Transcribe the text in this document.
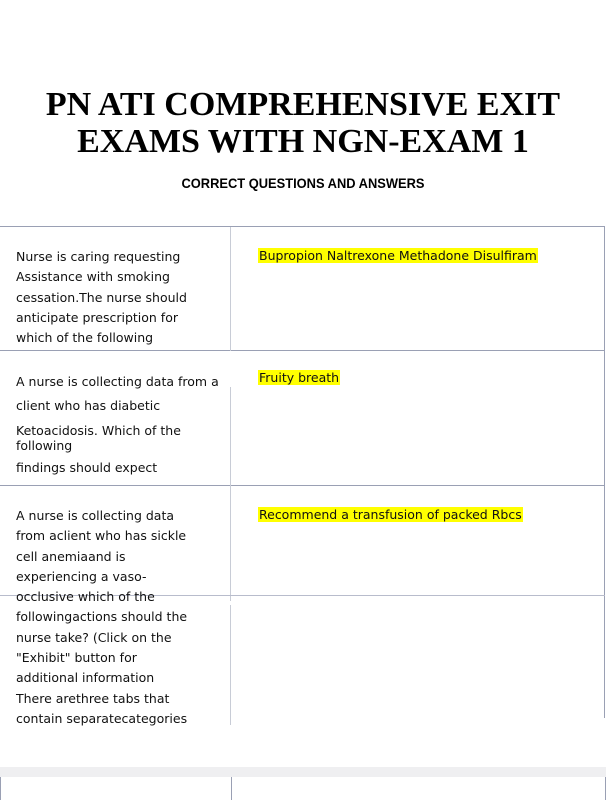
PN ATI COMPREHENSIVE EXIT
EXAMS WITH NGN-EXAM 1

CORRECT QUESTIONS AND ANSWERS

Nurse is caring requesting
Assistance with smoking
cessation.The nurse should
anticipate prescription for
which of the following

Bupropion Naltrexone Methadone Disulfiram

A nurse is collecting data from a
client who has diabetic
Ketoacidosis. Which of the following
findings should expect

Fruity breath

A nurse is collecting data
from aclient who has sickle
cell anemiaand is
experiencing a vaso-
occlusive which of the
followingactions should the
nurse take? (Click on the
"Exhibit" button for
additional information
There arethree tabs that
contain separatecategories

Recommend a transfusion of packed Rbcs
